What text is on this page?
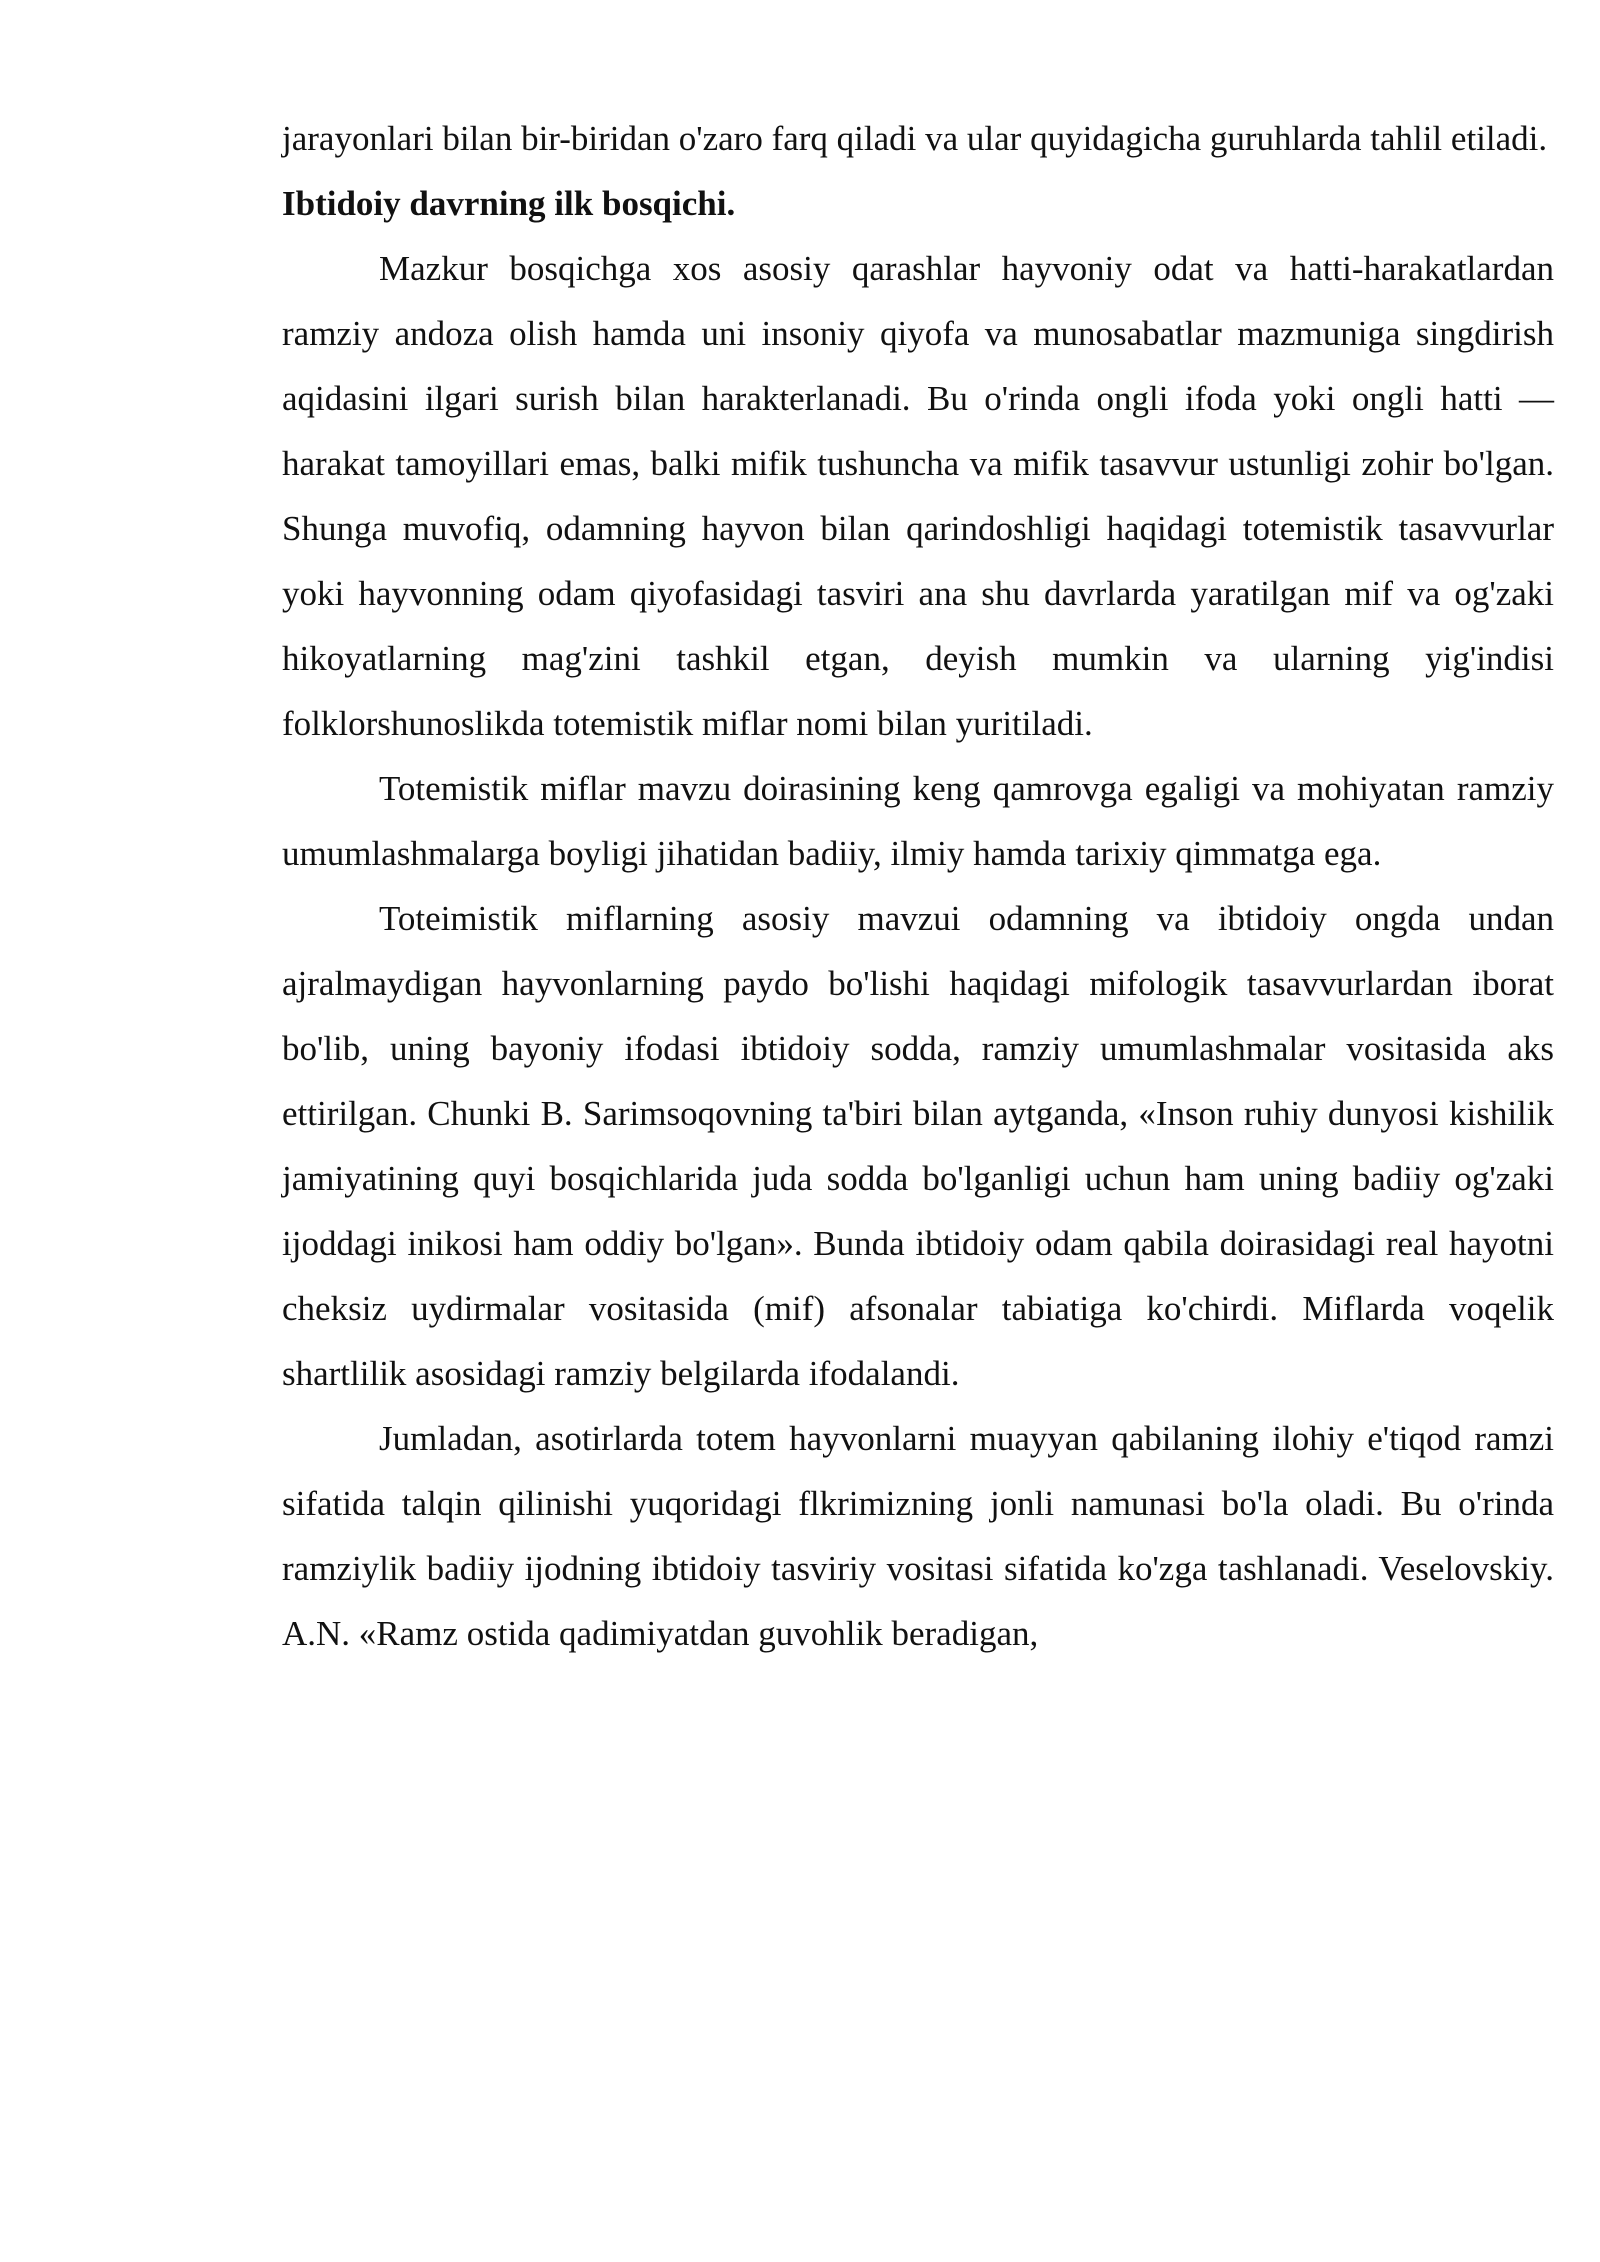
jarayonlari bilan bir-biridan o'zaro farq qiladi va ular quyidagicha guruhlarda tahlil etiladi.

Ibtidoiy davrning ilk bosqichi.

Mazkur bosqichga xos asosiy qarashlar hayvoniy odat va hatti-harakatlardan ramziy andoza olish hamda uni insoniy qiyofa va munosabatlar mazmuniga singdirish aqidasini ilgari surish bilan harakterlanadi. Bu o'rinda ongli ifoda yoki ongli hatti — harakat tamoyillari emas, balki mifik tushuncha va mifik tasavvur ustunligi zohir bo'lgan. Shunga muvofiq, odamning hayvon bilan qarindoshligi haqidagi totemistik tasavvurlar yoki hayvonning odam qiyofasidagi tasviri ana shu davrlarda yaratilgan mif va og'zaki hikoyatlarning mag'zini tashkil etgan, deyish mumkin va ularning yig'indisi folklorshunoslikda totemistik miflar nomi bilan yuritiladi.

Totemistik miflar mavzu doirasining keng qamrovga egaligi va mohiyatan ramziy umumlashmalarga boyligi jihatidan badiiy, ilmiy hamda tarixiy qimmatga ega.

Toteimistik miflarning asosiy mavzui odamning va ibtidoiy ongda undan ajralmaydigan hayvonlarning paydo bo'lishi haqidagi mifologik tasavvurlardan iborat bo'lib, uning bayoniy ifodasi ibtidoiy sodda, ramziy umumlashmalar vositasida aks ettirilgan. Chunki B. Sarimsoqovning ta'biri bilan aytganda, «Inson ruhiy dunyosi kishilik jamiyatining quyi bosqichlarida juda sodda bo'lganligi uchun ham uning badiiy og'zaki ijoddagi inikosi ham oddiy bo'lgan». Bunda ibtidoiy odam qabila doirasidagi real hayotni cheksiz uydirmalar vositasida (mif) afsonalar tabiatiga ko'chirdi. Miflarda voqelik shartlilik asosidagi ramziy belgilarda ifodalandi.

Jumladan, asotirlarda totem hayvonlarni muayyan qabilaning ilohiy e'tiqod ramzi sifatida talqin qilinishi yuqoridagi flkrimizning jonli namunasi bo'la oladi. Bu o'rinda ramziylik badiiy ijodning ibtidoiy tasviriy vositasi sifatida ko'zga tashlanadi. Veselovskiy. A.N. «Ramz ostida qadimiyatdan guvohlik beradigan,
